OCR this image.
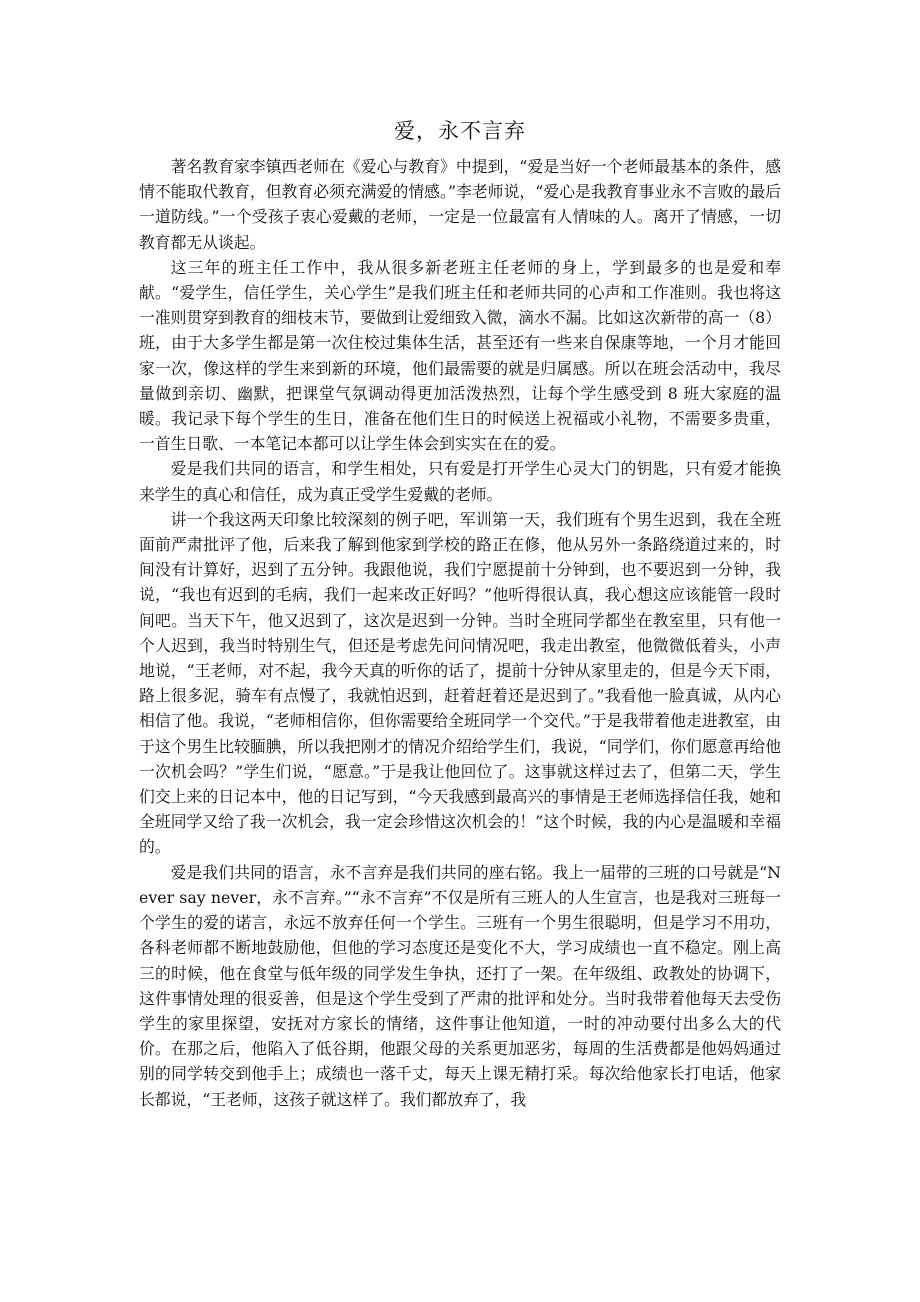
爱，永不言弃

著名教育家李镇西老师在《爱心与教育》中提到，“爱是当好一个老师最基本的条件，感情不能取代教育，但教育必须充满爱的情感。”李老师说，“爱心是我教育事业永不言败的最后一道防线。”一个受孩子衷心爱戴的老师，一定是一位最富有人情味的人。离开了情感，一切教育都无从谈起。

这三年的班主任工作中，我从很多新老班主任老师的身上，学到最多的也是爱和奉献。“爱学生，信任学生，关心学生”是我们班主任和老师共同的心声和工作准则。我也将这一准则贯穿到教育的细枝末节，要做到让爱细致入微，滴水不漏。比如这次新带的高一（8）班，由于大多学生都是第一次住校过集体生活，甚至还有一些来自保康等地，一个月才能回家一次，像这样的学生来到新的环境，他们最需要的就是归属感。所以在班会活动中，我尽量做到亲切、幽默，把课堂气氛调动得更加活泼热烈，让每个学生感受到 8 班大家庭的温暖。我记录下每个学生的生日，准备在他们生日的时候送上祝福或小礼物，不需要多贵重，一首生日歌、一本笔记本都可以让学生体会到实实在在的爱。

爱是我们共同的语言，和学生相处，只有爱是打开学生心灵大门的钥匙，只有爱才能换来学生的真心和信任，成为真正受学生爱戴的老师。

讲一个我这两天印象比较深刻的例子吧，军训第一天，我们班有个男生迟到，我在全班面前严肃批评了他，后来我了解到他家到学校的路正在修，他从另外一条路绕道过来的，时间没有计算好，迟到了五分钟。我跟他说，我们宁愿提前十分钟到，也不要迟到一分钟，我说，“我也有迟到的毛病，我们一起来改正好吗？”他听得很认真，我心想这应该能管一段时间吧。当天下午，他又迟到了，这次是迟到一分钟。当时全班同学都坐在教室里，只有他一个人迟到，我当时特别生气，但还是考虑先问问情况吧，我走出教室，他微微低着头，小声地说，“王老师，对不起，我今天真的听你的话了，提前十分钟从家里走的，但是今天下雨，路上很多泥，骑车有点慢了，我就怕迟到，赶着赶着还是迟到了。”我看他一脸真诚，从内心相信了他。我说，“老师相信你，但你需要给全班同学一个交代。”于是我带着他走进教室，由于这个男生比较腼腆，所以我把刚才的情况介绍给学生们，我说，“同学们，你们愿意再给他一次机会吗？”学生们说，“愿意。”于是我让他回位了。这事就这样过去了，但第二天，学生们交上来的日记本中，他的日记写到，“今天我感到最高兴的事情是王老师选择信任我，她和全班同学又给了我一次机会，我一定会珍惜这次机会的！”这个时候，我的内心是温暖和幸福的。

爱是我们共同的语言，永不言弃是我们共同的座右铭。我上一届带的三班的口号就是“Never say never，永不言弃。”“永不言弃”不仅是所有三班人的人生宣言，也是我对三班每一个学生的爱的诺言，永远不放弃任何一个学生。三班有一个男生很聪明，但是学习不用功，各科老师都不断地鼓励他，但他的学习态度还是变化不大，学习成绩也一直不稳定。刚上高三的时候，他在食堂与低年级的同学发生争执，还打了一架。在年级组、政教处的协调下，这件事情处理的很妥善，但是这个学生受到了严肃的批评和处分。当时我带着他每天去受伤学生的家里探望，安抚对方家长的情绪，这件事让他知道，一时的冲动要付出多么大的代价。在那之后，他陷入了低谷期，他跟父母的关系更加恶劣，每周的生活费都是他妈妈通过别的同学转交到他手上；成绩也一落千丈，每天上课无精打采。每次给他家长打电话，他家长都说，“王老师，这孩子就这样了。我们都放弃了，我
